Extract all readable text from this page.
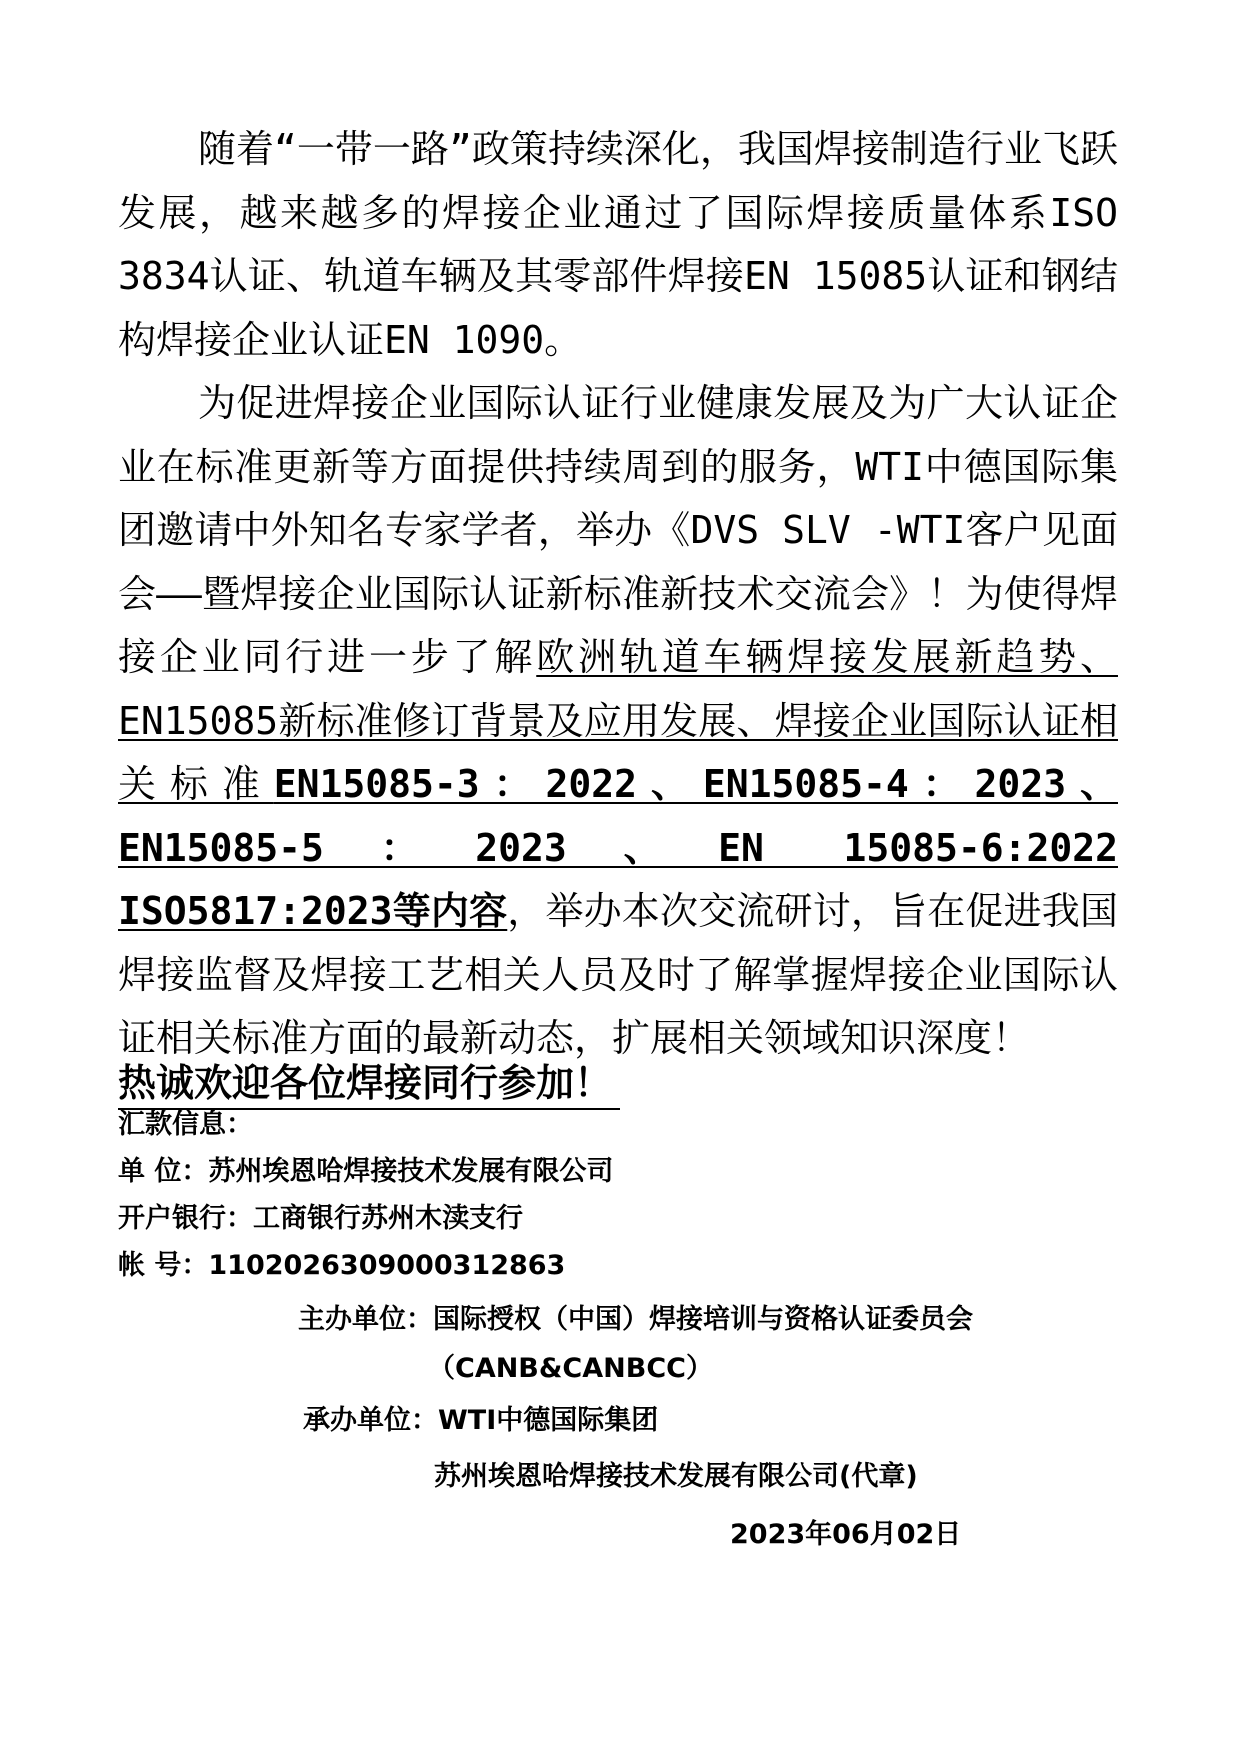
随着“一带一路”政策持续深化，我国焊接制造行业飞跃发展，越来越多的焊接企业通过了国际焊接质量体系ISO 3834认证、轨道车辆及其零部件焊接EN 15085认证和钢结构焊接企业认证EN 1090。

为促进焊接企业国际认证行业健康发展及为广大认证企业在标准更新等方面提供持续周到的服务，WTI中德国际集团邀请中外知名专家学者，举办《DVS SLV -WTI客户见面会——暨焊接企业国际认证新标准新技术交流会》！为使得焊接企业同行进一步了解欧洲轨道车辆焊接发展新趋势、EN15085新标准修订背景及应用发展、焊接企业国际认证相关标准EN15085-3：2022、EN15085-4：2023、EN15085-5：2023、EN 15085-6:2022 ISO5817:2023等内容，举办本次交流研讨，旨在促进我国焊接监督及焊接工艺相关人员及时了解掌握焊接企业国际认证相关标准方面的最新动态，扩展相关领域知识深度！

热诚欢迎各位焊接同行参加！
汇款信息：
单 位：苏州埃恩哈焊接技术发展有限公司
开户银行：工商银行苏州木渎支行
帐 号：1102026309000312863
主办单位：国际授权（中国）焊接培训与资格认证委员会
（CANB&CANBCC）
承办单位：WTI中德国际集团
苏州埃恩哈焊接技术发展有限公司(代章)
2023年06月02日
